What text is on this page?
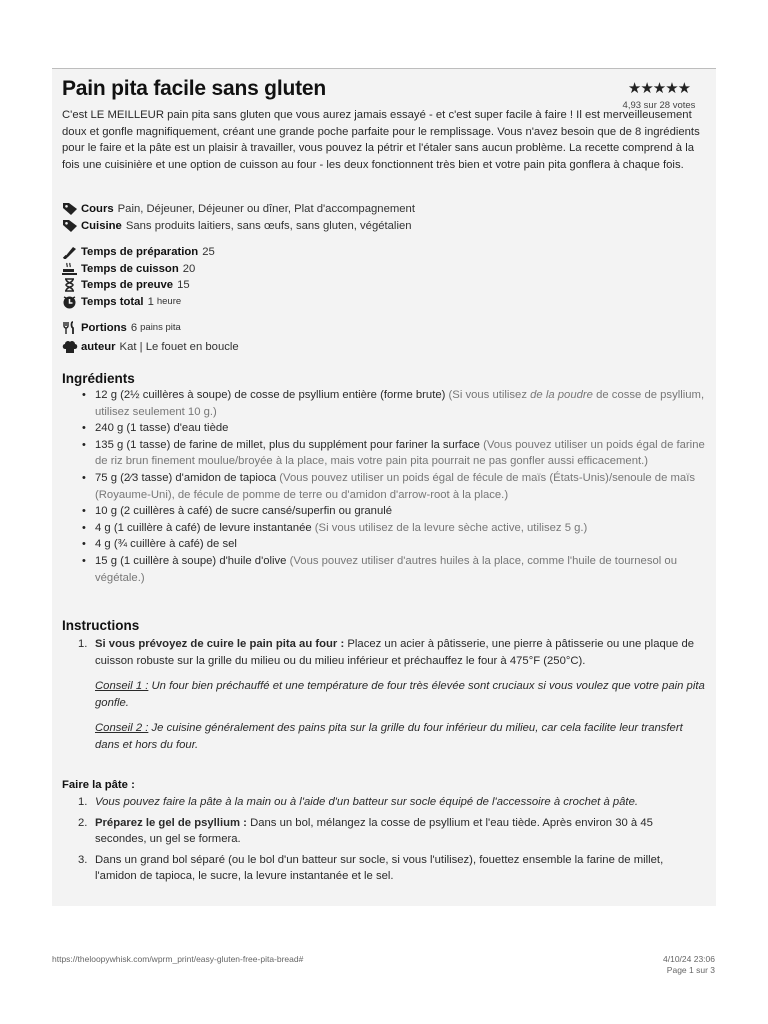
Pain pita facile sans gluten	★★★★★
4,93 sur 28 votes
C'est LE MEILLEUR pain pita sans gluten que vous aurez jamais essayé - et c'est super facile à faire ! Il est merveilleusement doux et gonfle magnifiquement, créant une grande poche parfaite pour le remplissage. Vous n'avez besoin que de 8 ingrédients pour le faire et la pâte est un plaisir à travailler, vous pouvez la pétrir et l'étaler sans aucun problème. La recette comprend à la fois une cuisinière et une option de cuisson au four - les deux fonctionnent très bien et votre pain pita gonflera à chaque fois.
Cours Pain, Déjeuner, Déjeuner ou dîner, Plat d'accompagnement
Cuisine Sans produits laitiers, sans œufs, sans gluten, végétalien
Temps de préparation 25
Temps de cuisson 20
Temps de preuve 15
Temps total 1 heure
Portions 6 pains pita
auteur Kat | Le fouet en boucle
Ingrédients
• 12 g (2½ cuillères à soupe) de cosse de psyllium entière (forme brute) (Si vous utilisez de la poudre de cosse de psyllium, utilisez seulement 10 g.)
• 240 g (1 tasse) d'eau tiède
• 135 g (1 tasse) de farine de millet, plus du supplément pour fariner la surface (Vous pouvez utiliser un poids égal de farine de riz brun finement moulue/broyée à la place, mais votre pain pita pourrait ne pas gonfler aussi efficacement.)
• 75 g (2⁄3 tasse) d'amidon de tapioca (Vous pouvez utiliser un poids égal de fécule de maïs (États-Unis)/senoule de maïs (Royaume-Uni), de fécule de pomme de terre ou d'amidon d'arrow-root à la place.)
• 10 g (2 cuillères à café) de sucre cansé/superfin ou granulé
• 4 g (1 cuillère à café) de levure instantanée (Si vous utilisez de la levure sèche active, utilisez 5 g.)
• 4 g (¾ cuillère à café) de sel
• 15 g (1 cuillère à soupe) d'huile d'olive (Vous pouvez utiliser d'autres huiles à la place, comme l'huile de tournesol ou végétale.)
Instructions
1. Si vous prévoyez de cuire le pain pita au four : Placez un acier à pâtisserie, une pierre à pâtisserie ou une plaque de cuisson robuste sur la grille du milieu ou du milieu inférieur et préchauffez le four à 475°F (250°C).
Conseil 1 : Un four bien préchauffé et une température de four très élevée sont cruciaux si vous voulez que votre pain pita gonfle.
Conseil 2 : Je cuisine généralement des pains pita sur la grille du four inférieur du milieu, car cela facilite leur transfert dans et hors du four.
Faire la pâte :
1. Vous pouvez faire la pâte à la main ou à l'aide d'un batteur sur socle équipé de l'accessoire à crochet à pâte.
2. Préparez le gel de psyllium : Dans un bol, mélangez la cosse de psyllium et l'eau tiède. Après environ 30 à 45 secondes, un gel se formera.
3. Dans un grand bol séparé (ou le bol d'un batteur sur socle, si vous l'utilisez), fouettez ensemble la farine de millet, l'amidon de tapioca, le sucre, la levure instantanée et le sel.
https://theloopywhisk.com/wprm_print/easy-gluten-free-pita-bread#	4/10/24 23:06
Page 1 sur 3
